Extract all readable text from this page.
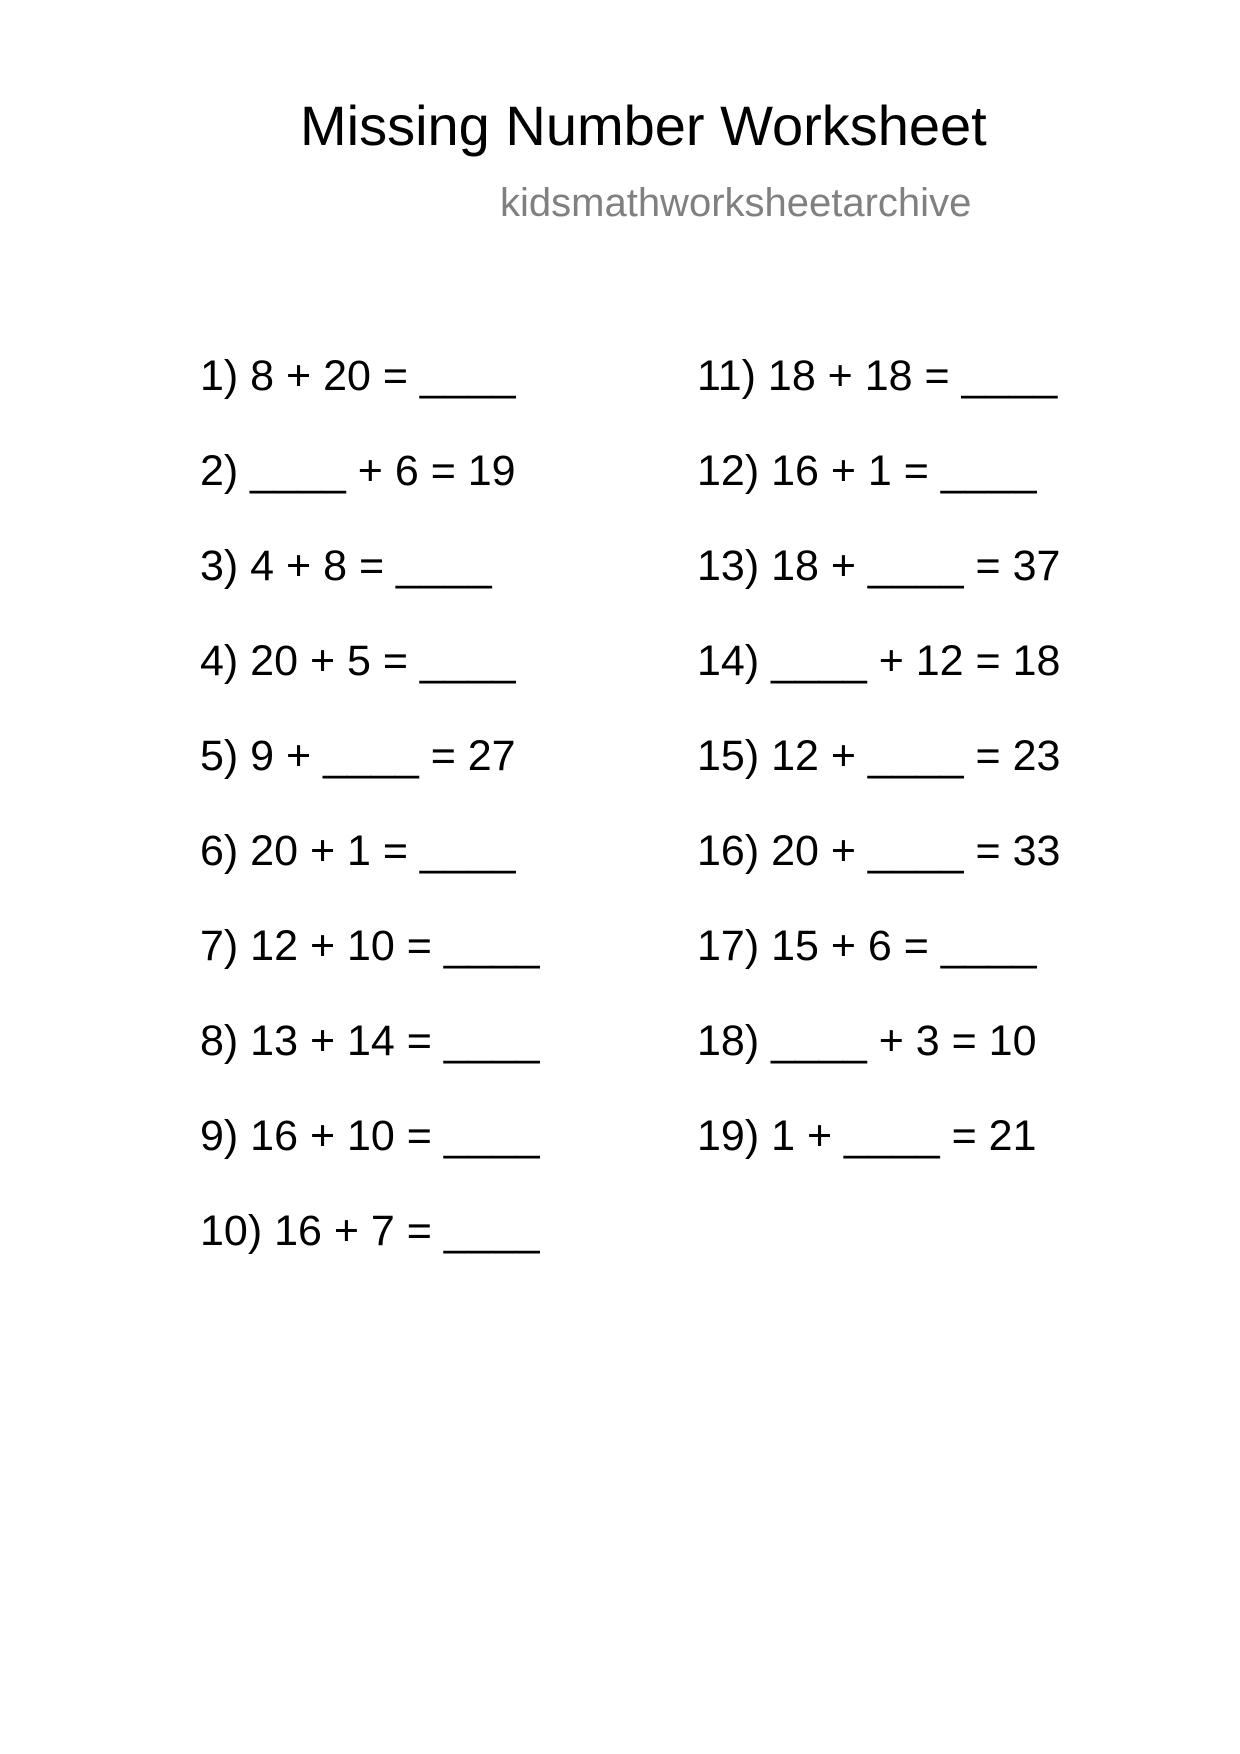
Missing Number Worksheet
kidsmathworksheetarchive
1) 8 + 20 = ____
2) ____ + 6 = 19
3) 4 + 8 = ____
4) 20 + 5 = ____
5) 9 + ____ = 27
6) 20 + 1 = ____
7) 12 + 10 = ____
8) 13 + 14 = ____
9) 16 + 10 = ____
10) 16 + 7 = ____
11) 18 + 18 = ____
12) 16 + 1 = ____
13) 18 + ____ = 37
14) ____ + 12 = 18
15) 12 + ____ = 23
16) 20 + ____ = 33
17) 15 + 6 = ____
18) ____ + 3 = 10
19) 1 + ____ = 21
